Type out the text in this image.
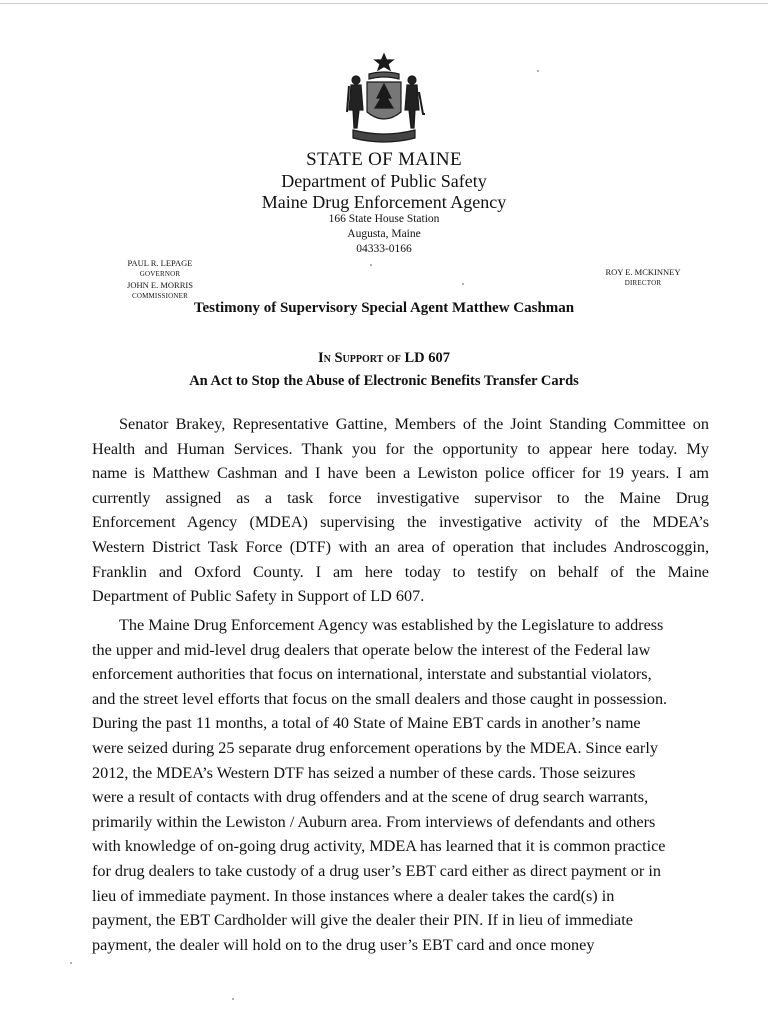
STATE OF MAINE
Department of Public Safety
Maine Drug Enforcement Agency
166 State House Station
Augusta, Maine
04333-0166
PAUL R. LEPAGE
GOVERNOR
JOHN E. MORRIS
COMMISSIONER
ROY E. MCKINNEY
DIRECTOR
Testimony of Supervisory Special Agent Matthew Cashman
In Support of LD 607
An Act to Stop the Abuse of Electronic Benefits Transfer Cards
Senator Brakey, Representative Gattine, Members of the Joint Standing Committee on
Health and Human Services. Thank you for the opportunity to appear here today. My
name is Matthew Cashman and I have been a Lewiston police officer for 19 years. I am
currently assigned as a task force investigative supervisor to the Maine Drug
Enforcement Agency (MDEA) supervising the investigative activity of the MDEA’s
Western District Task Force (DTF) with an area of operation that includes Androscoggin,
Franklin and Oxford County. I am here today to testify on behalf of the Maine
Department of Public Safety in Support of LD 607.
The Maine Drug Enforcement Agency was established by the Legislature to address
the upper and mid-level drug dealers that operate below the interest of the Federal law
enforcement authorities that focus on international, interstate and substantial violators,
and the street level efforts that focus on the small dealers and those caught in possession.
During the past 11 months, a total of 40 State of Maine EBT cards in another’s name
were seized during 25 separate drug enforcement operations by the MDEA. Since early
2012, the MDEA’s Western DTF has seized a number of these cards. Those seizures
were a result of contacts with drug offenders and at the scene of drug search warrants,
primarily within the Lewiston / Auburn area. From interviews of defendants and others
with knowledge of on-going drug activity, MDEA has learned that it is common practice
for drug dealers to take custody of a drug user’s EBT card either as direct payment or in
lieu of immediate payment. In those instances where a dealer takes the card(s) in
payment, the EBT Cardholder will give the dealer their PIN. If in lieu of immediate
payment, the dealer will hold on to the drug user’s EBT card and once money
